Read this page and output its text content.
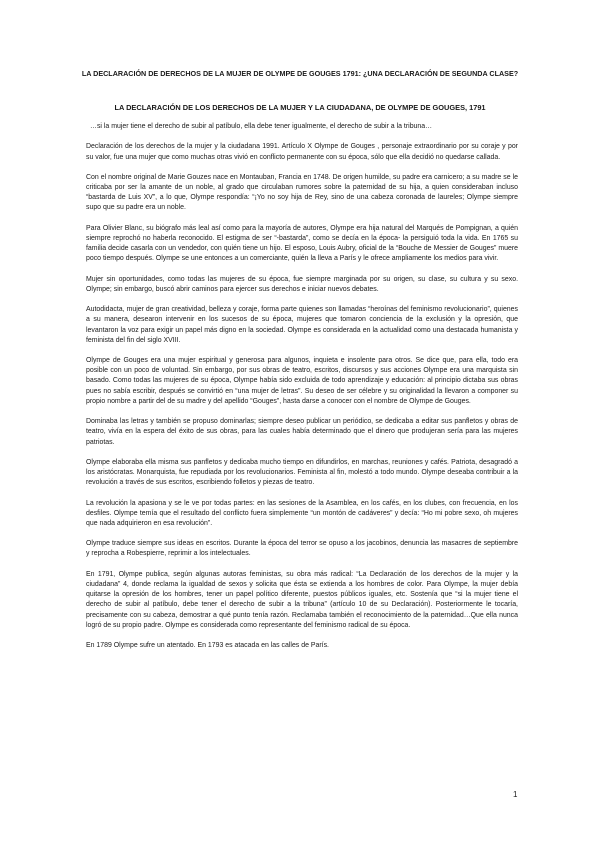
LA DECLARACIÓN DE DERECHOS DE LA MUJER DE OLYMPE DE GOUGES 1791: ¿UNA DECLARACIÓN DE SEGUNDA CLASE?
LA DECLARACIÓN DE LOS DERECHOS DE LA MUJER Y LA CIUDADANA, DE OLYMPE DE GOUGES, 1791

…si la mujer tiene el derecho de subir al patíbulo, ella debe tener igualmente, el derecho de subir a la tribuna…

Declaración de los derechos de la mujer y la ciudadana 1991. Artículo X Olympe de Gouges , personaje extraordinario por su coraje y por su valor, fue una mujer que como muchas otras vivió en conflicto permanente con su época, sólo que ella decidió no quedarse callada.

Con el nombre original de Marie Gouzes nace en Montauban, Francia en 1748. De origen humilde, su padre era carnicero; a su madre se le criticaba por ser la amante de un noble, al grado que circulaban rumores sobre la paternidad de su hija, a quien consideraban incluso “bastarda de Luis XV”, a lo que, Olympe respondía: “¡Yo no soy hija de Rey, sino de una cabeza coronada de laureles; Olympe siempre supo que su padre era un noble.

Para Olivier Blanc, su biógrafo más leal así como para la mayoría de autores, Olympe era hija natural del Marqués de Pompignan, a quién siempre reprochó no haberla reconocido. El estigma de ser “-bastarda”, como se decía en la época- la persiguió toda la vida. En 1765 su familia decide casarla con un vendedor, con quién tiene un hijo. El esposo, Louis Aubry, oficial de la “Bouche de Messier de Gouges” muere poco tiempo después. Olympe se une entonces a un comerciante, quién la lleva a París y le ofrece ampliamente los medios para vivir.

Mujer sin oportunidades, como todas las mujeres de su época, fue siempre marginada por su origen, su clase, su cultura y su sexo. Olympe; sin embargo, buscó abrir caminos para ejercer sus derechos e iniciar nuevos debates.

Autodidacta, mujer de gran creatividad, belleza y coraje, forma parte quienes son llamadas “heroínas del feminismo revolucionario”, quienes a su manera, desearon intervenir en los sucesos de su época, mujeres que tomaron conciencia de la exclusión y la opresión, que levantaron la voz para exigir un papel más digno en la sociedad. Olympe es considerada en la actualidad como una destacada humanista y feminista del fin del siglo XVIII.

Olympe de Gouges era una mujer espiritual y generosa para algunos, inquieta e insolente para otros. Se dice que, para ella, todo era posible con un poco de voluntad. Sin embargo, por sus obras de teatro, escritos, discursos y sus acciones Olympe era una marquista sin basado. Como todas las mujeres de su época, Olympe había sido excluida de todo aprendizaje y educación: al principio dictaba sus obras pues no sabía escribir, después se convirtió en “una mujer de letras”. Su deseo de ser célebre y su originalidad la llevaron a componer su propio nombre a partir del de su madre y del apellido “Gouges”, hasta darse a conocer con el nombre de Olympe de Gouges.

Dominaba las letras y también se propuso dominarlas; siempre deseo publicar un periódico, se dedicaba a editar sus panfletos y obras de teatro, vivía en la espera del éxito de sus obras, para las cuales había determinado que el dinero que produjeran sería para las mujeres patriotas.

Olympe elaboraba ella misma sus panfletos y dedicaba mucho tiempo en difundirlos, en marchas, reuniones y cafés. Patriota, desagradó a los aristócratas. Monarquista, fue repudiada por los revolucionarios. Feminista al fin, molestó a todo mundo. Olympe deseaba contribuir a la revolución a través de sus escritos, escribiendo folletos y piezas de teatro.

La revolución la apasiona y se le ve por todas partes: en las sesiones de la Asamblea, en los cafés, en los clubes, con frecuencia, en los desfiles. Olympe temía que el resultado del conflicto fuera simplemente “un montón de cadáveres” y decía: “Ho mi pobre sexo, oh mujeres que nada adquirieron en esa revolución”.

Olympe traduce siempre sus ideas en escritos. Durante la época del terror se opuso a los jacobinos, denuncia las masacres de septiembre y reprocha a Robespierre, reprimir a los intelectuales.

En 1791, Olympe publica, según algunas autoras feministas, su obra más radical: “La Declaración de los derechos de la mujer y la ciudadana” 4, donde reclama la igualdad de sexos y solicita que ésta se extienda a los hombres de color. Para Olympe, la mujer debía quitarse la opresión de los hombres, tener un papel político diferente, puestos públicos iguales, etc. Sostenía que “si la mujer tiene el derecho de subir al patíbulo, debe tener el derecho de subir a la tribuna” (artículo 10 de su Declaración). Posteriormente le tocaría, precisamente con su cabeza, demostrar a qué punto tenía razón. Reclamaba también el reconocimiento de la paternidad…Que ella nunca logró de su propio padre. Olympe es considerada como representante del feminismo radical de su época.

En 1789 Olympe sufre un atentado. En 1793 es atacada en las calles de París.

1
